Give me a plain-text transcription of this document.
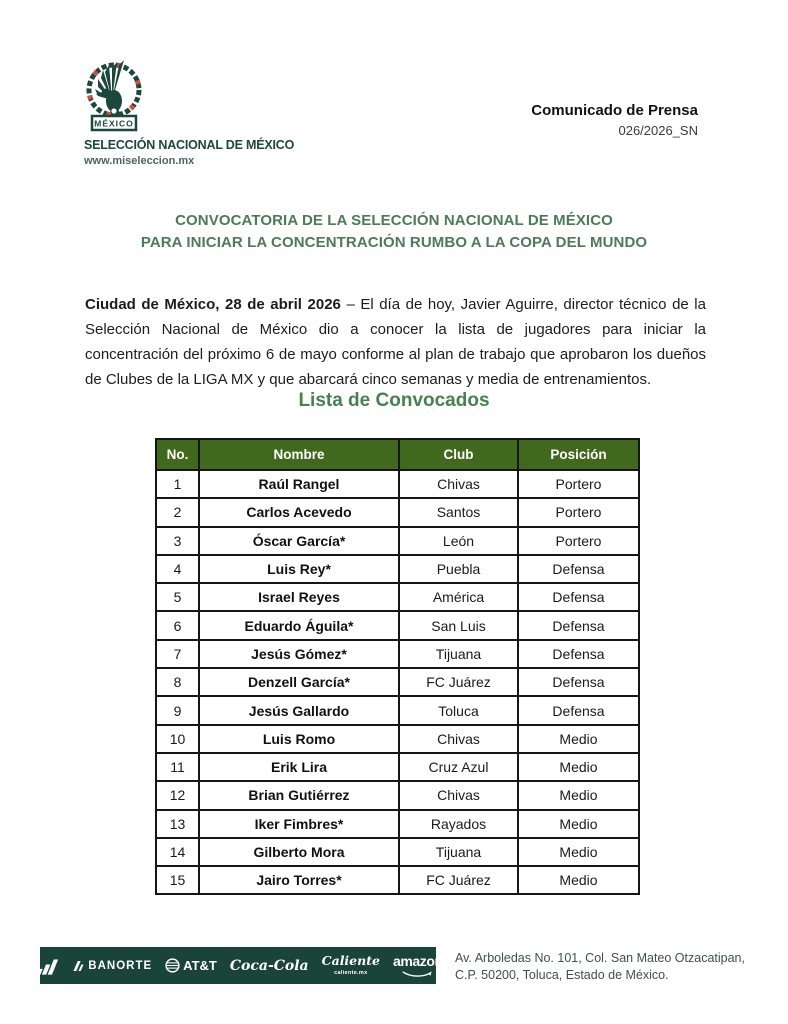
MÉXICO
SELECCIÓN NACIONAL DE MÉXICO
www.miseleccion.mx
Comunicado de Prensa
026/2026_SN
CONVOCATORIA DE LA SELECCIÓN NACIONAL DE MÉXICO
PARA INICIAR LA CONCENTRACIÓN RUMBO A LA COPA DEL MUNDO

Ciudad de México, 28 de abril 2026 – El día de hoy, Javier Aguirre, director técnico de la Selección Nacional de México dio a conocer la lista de jugadores para iniciar la concentración del próximo 6 de mayo conforme al plan de trabajo que aprobaron los dueños de Clubes de la LIGA MX y que abarcará cinco semanas y media de entrenamientos.

Lista de Convocados
No.	Nombre	Club	Posición
1	Raúl Rangel	Chivas	Portero
2	Carlos Acevedo	Santos	Portero
3	Óscar García*	León	Portero
4	Luis Rey*	Puebla	Defensa
5	Israel Reyes	América	Defensa
6	Eduardo Águila*	San Luis	Defensa
7	Jesús Gómez*	Tijuana	Defensa
8	Denzell García*	FC Juárez	Defensa
9	Jesús Gallardo	Toluca	Defensa
10	Luis Romo	Chivas	Medio
11	Erik Lira	Cruz Azul	Medio
12	Brian Gutiérrez	Chivas	Medio
13	Iker Fimbres*	Rayados	Medio
14	Gilberto Mora	Tijuana	Medio
15	Jairo Torres*	FC Juárez	Medio
BANORTE AT&T Coca-Cola Caliente
caliente.mx
amazon Av. Arboledas No. 101, Col. San Mateo Otzacatipan,
C.P. 50200, Toluca, Estado de México.
